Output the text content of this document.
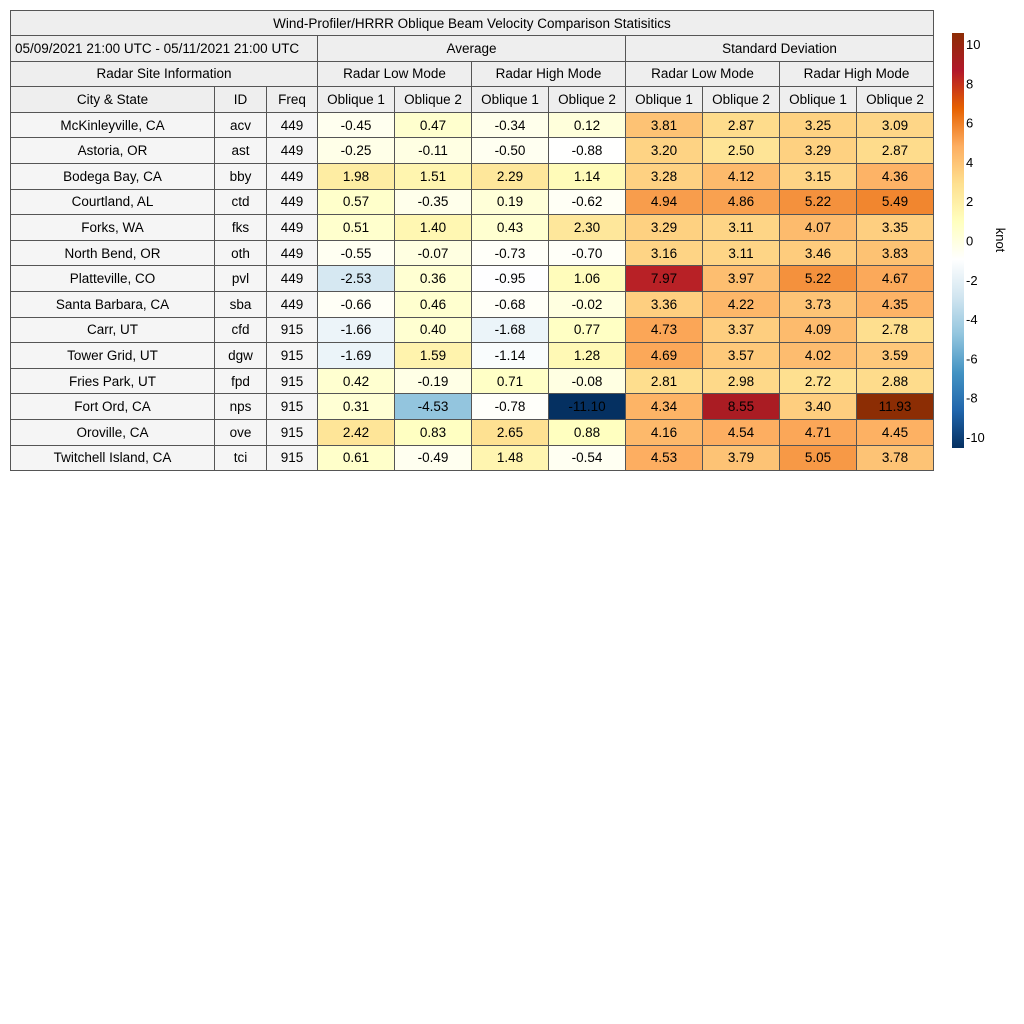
Wind-Profiler/HRRR Oblique Beam Velocity Comparison Statisitics										
05/09/2021 21:00 UTC - 05/11/2021 21:00 UTC			Average				Standard Deviation			
Radar Site Information			Radar Low Mode		Radar High Mode		Radar Low Mode		Radar High Mode	
City & State	ID	Freq	Oblique 1	Oblique 2	Oblique 1	Oblique 2	Oblique 1	Oblique 2	Oblique 1	Oblique 2
McKinleyville, CA	acv	449	-0.45	0.47	-0.34	0.12	3.81	2.87	3.25	3.09
Astoria, OR	ast	449	-0.25	-0.11	-0.50	-0.88	3.20	2.50	3.29	2.87
Bodega Bay, CA	bby	449	1.98	1.51	2.29	1.14	3.28	4.12	3.15	4.36
Courtland, AL	ctd	449	0.57	-0.35	0.19	-0.62	4.94	4.86	5.22	5.49
Forks, WA	fks	449	0.51	1.40	0.43	2.30	3.29	3.11	4.07	3.35
North Bend, OR	oth	449	-0.55	-0.07	-0.73	-0.70	3.16	3.11	3.46	3.83
Platteville, CO	pvl	449	-2.53	0.36	-0.95	1.06	7.97	3.97	5.22	4.67
Santa Barbara, CA	sba	449	-0.66	0.46	-0.68	-0.02	3.36	4.22	3.73	4.35
Carr, UT	cfd	915	-1.66	0.40	-1.68	0.77	4.73	3.37	4.09	2.78
Tower Grid, UT	dgw	915	-1.69	1.59	-1.14	1.28	4.69	3.57	4.02	3.59
Fries Park, UT	fpd	915	0.42	-0.19	0.71	-0.08	2.81	2.98	2.72	2.88
Fort Ord, CA	nps	915	0.31	-4.53	-0.78	-11.10	4.34	8.55	3.40	11.93
Oroville, CA	ove	915	2.42	0.83	2.65	0.88	4.16	4.54	4.71	4.45
Twitchell Island, CA	tci	915	0.61	-0.49	1.48	-0.54	4.53	3.79	5.05	3.78
10
8
6
4
2
0
-2
-4
-6
-8
-10
knot
